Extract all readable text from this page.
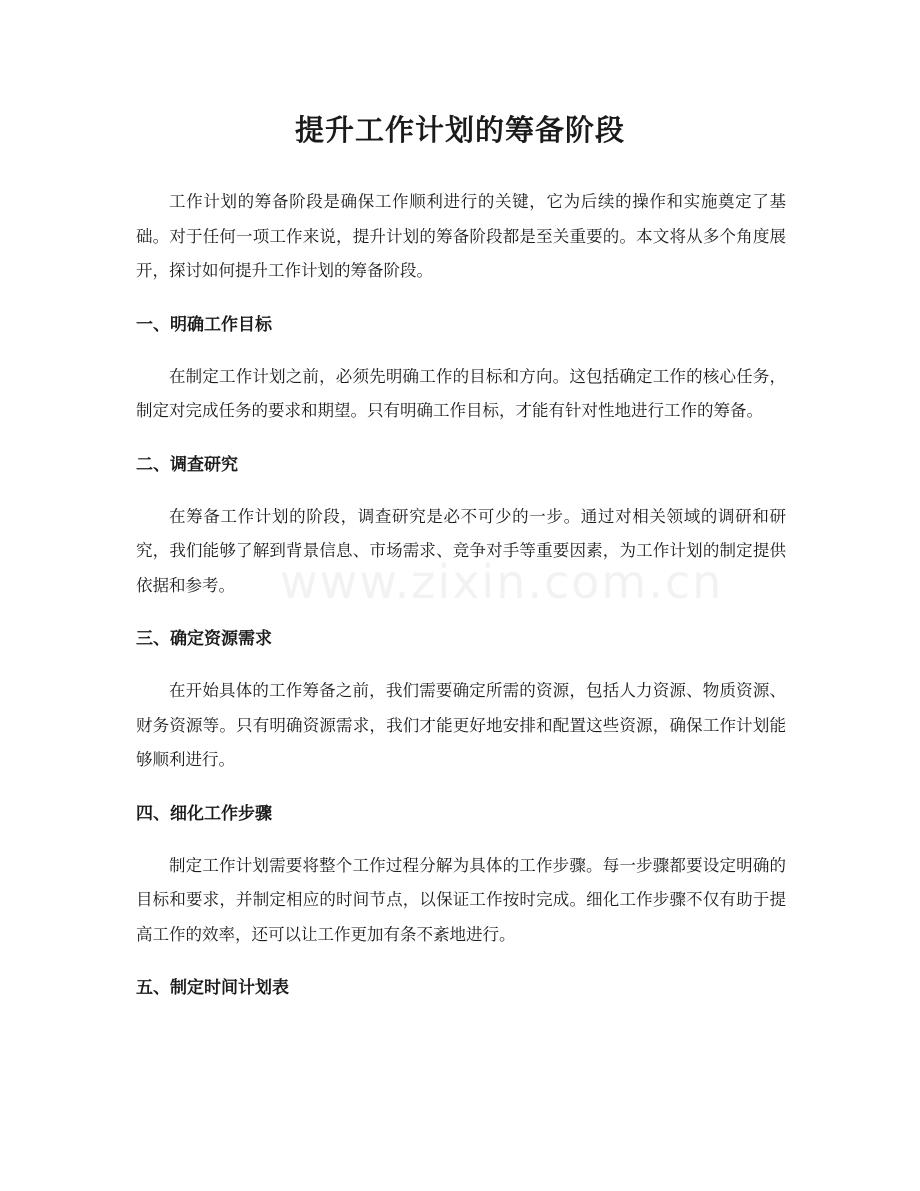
提升工作计划的筹备阶段

工作计划的筹备阶段是确保工作顺利进行的关键，它为后续的操作和实施奠定了基础。对于任何一项工作来说，提升计划的筹备阶段都是至关重要的。本文将从多个角度展开，探讨如何提升工作计划的筹备阶段。

一、明确工作目标

在制定工作计划之前，必须先明确工作的目标和方向。这包括确定工作的核心任务，制定对完成任务的要求和期望。只有明确工作目标，才能有针对性地进行工作的筹备。

二、调查研究

在筹备工作计划的阶段，调查研究是必不可少的一步。通过对相关领域的调研和研究，我们能够了解到背景信息、市场需求、竞争对手等重要因素，为工作计划的制定提供依据和参考。

三、确定资源需求

在开始具体的工作筹备之前，我们需要确定所需的资源，包括人力资源、物质资源、财务资源等。只有明确资源需求，我们才能更好地安排和配置这些资源，确保工作计划能够顺利进行。

四、细化工作步骤

制定工作计划需要将整个工作过程分解为具体的工作步骤。每一步骤都要设定明确的目标和要求，并制定相应的时间节点，以保证工作按时完成。细化工作步骤不仅有助于提高工作的效率，还可以让工作更加有条不紊地进行。

五、制定时间计划表
www.zixin.com.cn
